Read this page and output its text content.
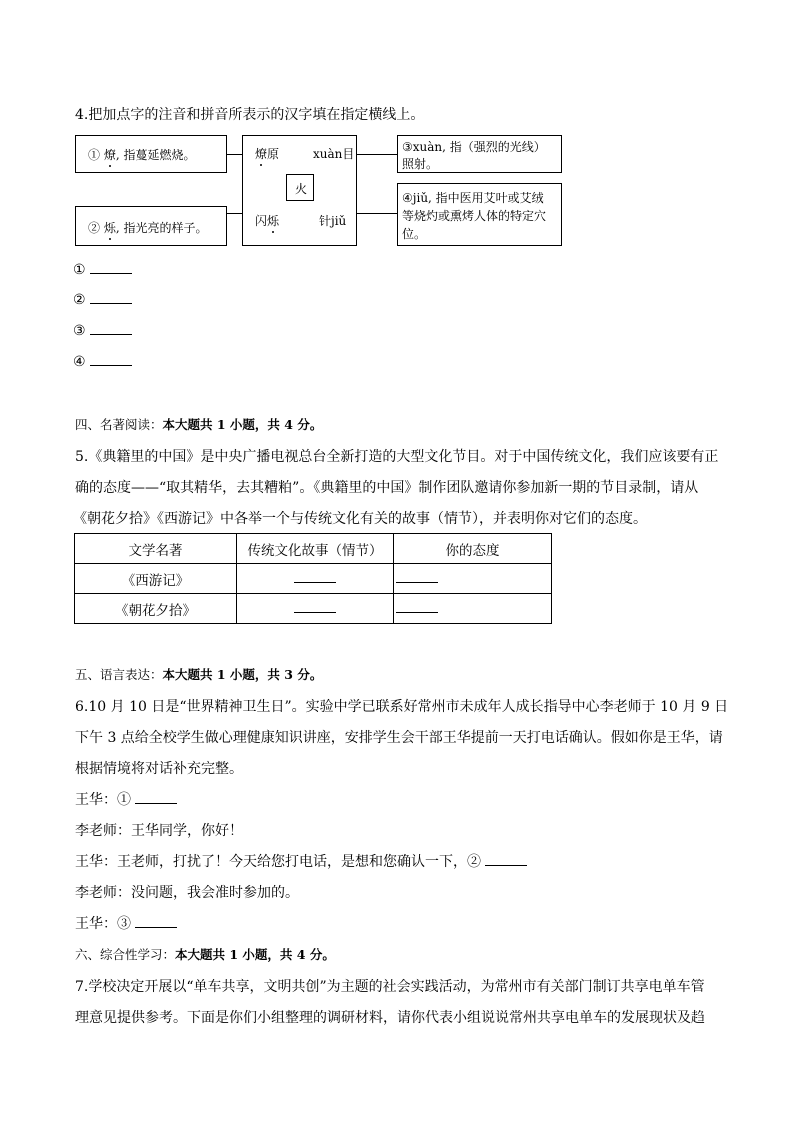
4.把加点字的注音和拼音所表示的汉字填在指定横线上。
① 燎, 指蔓延燃烧。
② 烁, 指光亮的样子。
燎原	xuàn目
火
闪烁	针jiǔ
③xuàn, 指（强烈的光线）
照射。
④jiǔ, 指中医用艾叶或艾绒
等烧灼或熏烤人体的特定穴
位。
①
②
③
④
四、名著阅读：本大题共 1 小题，共 4 分。
5.《典籍里的中国》是中央广播电视总台全新打造的大型文化节目。对于中国传统文化，我们应该要有正
确的态度——“取其精华，去其糟粕”。《典籍里的中国》制作团队邀请你参加新一期的节目录制，请从
《朝花夕拾》《西游记》中各举一个与传统文化有关的故事（情节），并表明你对它们的态度。
文学名著	传统文化故事（情节）	你的态度
《西游记》		
《朝花夕拾》		
五、语言表达：本大题共 1 小题，共 3 分。
6.10 月 10 日是“世界精神卫生日”。实验中学已联系好常州市未成年人成长指导中心李老师于 10 月 9 日
下午 3 点给全校学生做心理健康知识讲座，安排学生会干部王华提前一天打电话确认。假如你是王华，请
根据情境将对话补充完整。
王华：①
李老师：王华同学，你好！
王华：王老师，打扰了！今天给您打电话，是想和您确认一下，②
李老师：没问题，我会准时参加的。
王华：③
六、综合性学习：本大题共 1 小题，共 4 分。
7.学校决定开展以“单车共享，文明共创”为主题的社会实践活动，为常州市有关部门制订共享电单车管
理意见提供参考。下面是你们小组整理的调研材料，请你代表小组说说常州共享电单车的发展现状及趋
